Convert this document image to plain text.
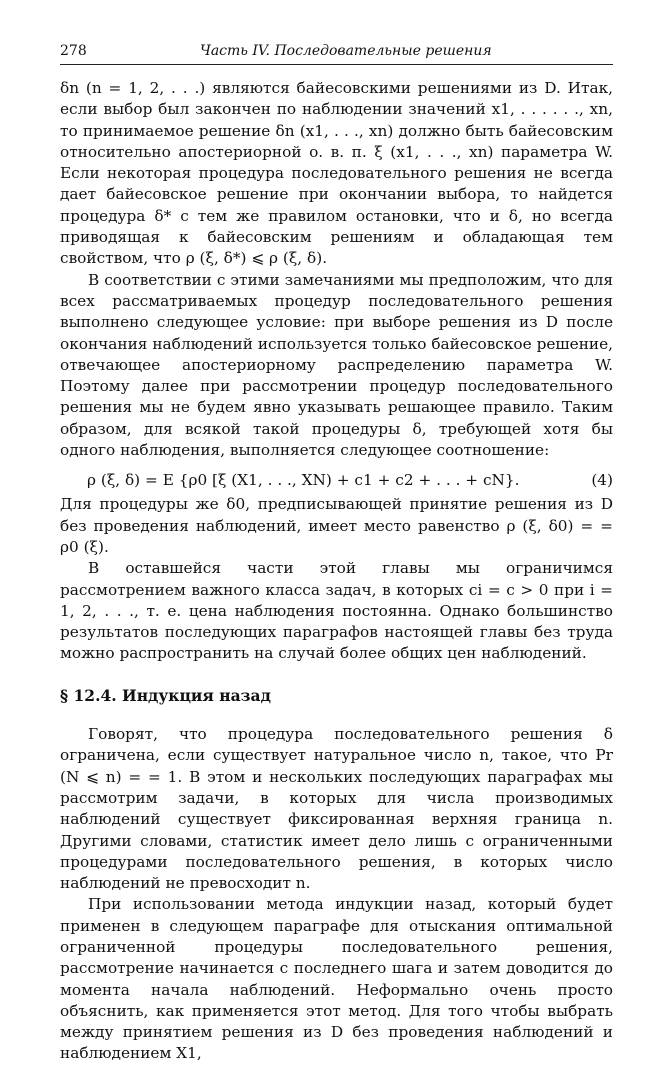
278	Часть IV. Последовательные решения

δn (n = 1, 2, . . .) являются байесовскими решениями из D. Итак, если выбор был закончен по наблюдении значений x1, . . . . . ., xn, то принимаемое решение δn (x1, . . ., xn) должно быть байесовским относительно апостериорной о. в. п. ξ (x1, . . ., xn) параметра W. Если некоторая процедура последовательного решения не всегда дает байесовское решение при окончании выбора, то найдется процедура δ* с тем же правилом остановки, что и δ, но всегда приводящая к байесовским решениям и обладающая тем свойством, что ρ (ξ, δ*) ⩽ ρ (ξ, δ).

В соответствии с этими замечаниями мы предположим, что для всех рассматриваемых процедур последовательного решения выполнено следующее условие: при выборе решения из D после окончания наблюдений используется только байесовское решение, отвечающее апостериорному распределению параметра W. Поэтому далее при рассмотрении процедур последовательного решения мы не будем явно указывать решающее правило. Таким образом, для всякой такой процедуры δ, требующей хотя бы одного наблюдения, выполняется следующее соотношение:

ρ (ξ, δ) = E {ρ0 [ξ (X1, . . ., XN) + c1 + c2 + . . . + cN}.	(4)

Для процедуры же δ0, предписывающей принятие решения из D без проведения наблюдений, имеет место равенство ρ (ξ, δ0) = = ρ0 (ξ).

В оставшейся части этой главы мы ограничимся рассмотрением важного класса задач, в которых ci = c > 0 при i = 1, 2, . . ., т. е. цена наблюдения постоянна. Однако большинство результатов последующих параграфов настоящей главы без труда можно распространить на случай более общих цен наблюдений.

§ 12.4. Индукция назад

Говорят, что процедура последовательного решения δ ограничена, если существует натуральное число n, такое, что Pr (N ⩽ n) = = 1. В этом и нескольких последующих параграфах мы рассмотрим задачи, в которых для числа производимых наблюдений существует фиксированная верхняя граница n. Другими словами, статистик имеет дело лишь с ограниченными процедурами последовательного решения, в которых число наблюдений не превосходит n.

При использовании метода индукции назад, который будет применен в следующем параграфе для отыскания оптимальной ограниченной процедуры последовательного решения, рассмотрение начинается с последнего шага и затем доводится до момента начала наблюдений. Неформально очень просто объяснить, как применяется этот метод. Для того чтобы выбрать между принятием решения из D без проведения наблюдений и наблюдением X1,
